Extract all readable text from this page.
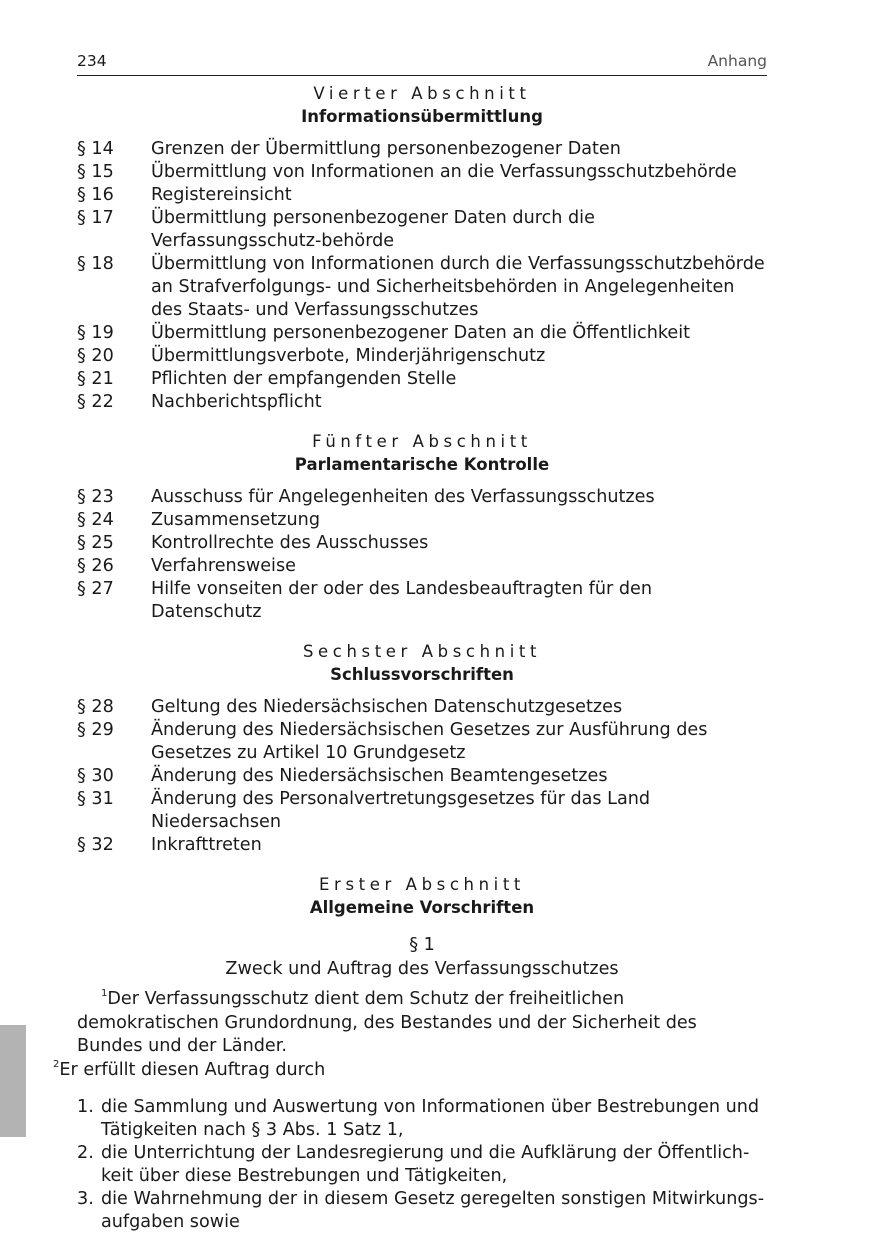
234	Anhang
Vierter Abschnitt
Informationsübermittlung
§ 14	Grenzen der Übermittlung personenbezogener Daten
§ 15	Übermittlung von Informationen an die Verfassungsschutzbehörde
§ 16	Registereinsicht
§ 17	Übermittlung personenbezogener Daten durch die Verfassungsschutz-behörde
§ 18	Übermittlung von Informationen durch die Verfassungsschutzbehörde an Strafverfolgungs- und Sicherheitsbehörden in Angelegenheiten des Staats- und Verfassungsschutzes
§ 19	Übermittlung personenbezogener Daten an die Öffentlichkeit
§ 20	Übermittlungsverbote, Minderjährigenschutz
§ 21	Pflichten der empfangenden Stelle
§ 22	Nachberichtspflicht
Fünfter Abschnitt
Parlamentarische Kontrolle
§ 23	Ausschuss für Angelegenheiten des Verfassungsschutzes
§ 24	Zusammensetzung
§ 25	Kontrollrechte des Ausschusses
§ 26	Verfahrensweise
§ 27	Hilfe vonseiten der oder des Landesbeauftragten für den Datenschutz
Sechster Abschnitt
Schlussvorschriften
§ 28	Geltung des Niedersächsischen Datenschutzgesetzes
§ 29	Änderung des Niedersächsischen Gesetzes zur Ausführung des Gesetzes zu Artikel 10 Grundgesetz
§ 30	Änderung des Niedersächsischen Beamtengesetzes
§ 31	Änderung des Personalvertretungsgesetzes für das Land Niedersachsen
§ 32	Inkrafttreten
Erster Abschnitt
Allgemeine Vorschriften
§ 1
Zweck und Auftrag des Verfassungsschutzes
$^1$Der Verfassungsschutz dient dem Schutz der freiheitlichen demokratischen Grundordnung, des Bestandes und der Sicherheit des Bundes und der Länder.
$^2$Er erfüllt diesen Auftrag durch
1. die Sammlung und Auswertung von Informationen über Bestrebungen und Tätigkeiten nach § 3 Abs. 1 Satz 1,
2. die Unterrichtung der Landesregierung und die Aufklärung der Öffentlich-keit über diese Bestrebungen und Tätigkeiten,
3. die Wahrnehmung der in diesem Gesetz geregelten sonstigen Mitwirkungs-aufgaben sowie
